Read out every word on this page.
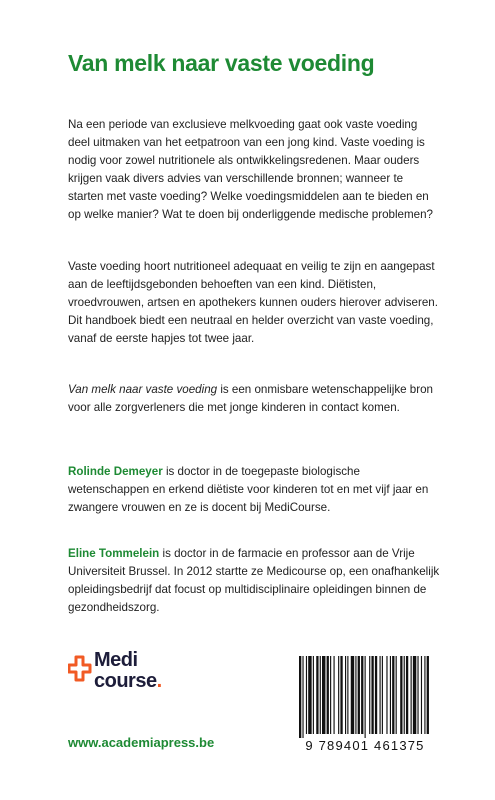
Van melk naar vaste voeding

Na een periode van exclusieve melkvoeding gaat ook vaste voeding deel uitmaken van het eetpatroon van een jong kind. Vaste voeding is nodig voor zowel nutritionele als ontwikkelingsredenen. Maar ouders krijgen vaak divers advies van verschillende bronnen; wanneer te starten met vaste voeding? Welke voedingsmiddelen aan te bieden en op welke manier? Wat te doen bij onderliggende medische problemen?

Vaste voeding hoort nutritioneel adequaat en veilig te zijn en aangepast aan de leeftijdsgebonden behoeften van een kind. Diëtisten, vroedvrouwen, artsen en apothekers kunnen ouders hierover adviseren. Dit handboek biedt een neutraal en helder overzicht van vaste voeding, vanaf de eerste hapjes tot twee jaar.

Van melk naar vaste voeding is een onmisbare wetenschappelijke bron voor alle zorgverleners die met jonge kinderen in contact komen.

Rolinde Demeyer is doctor in de toegepaste biologische wetenschappen en erkend diëtiste voor kinderen tot en met vijf jaar en zwangere vrouwen en ze is docent bij MediCourse.

Eline Tommelein is doctor in de farmacie en professor aan de Vrije Universiteit Brussel. In 2012 startte ze Medicourse op, een onafhankelijk opleidingsbedrijf dat focust op multidisciplinaire opleidingen binnen de gezondheidszorg.

Medi
course.
www.academiapress.be	9 789401 461375
